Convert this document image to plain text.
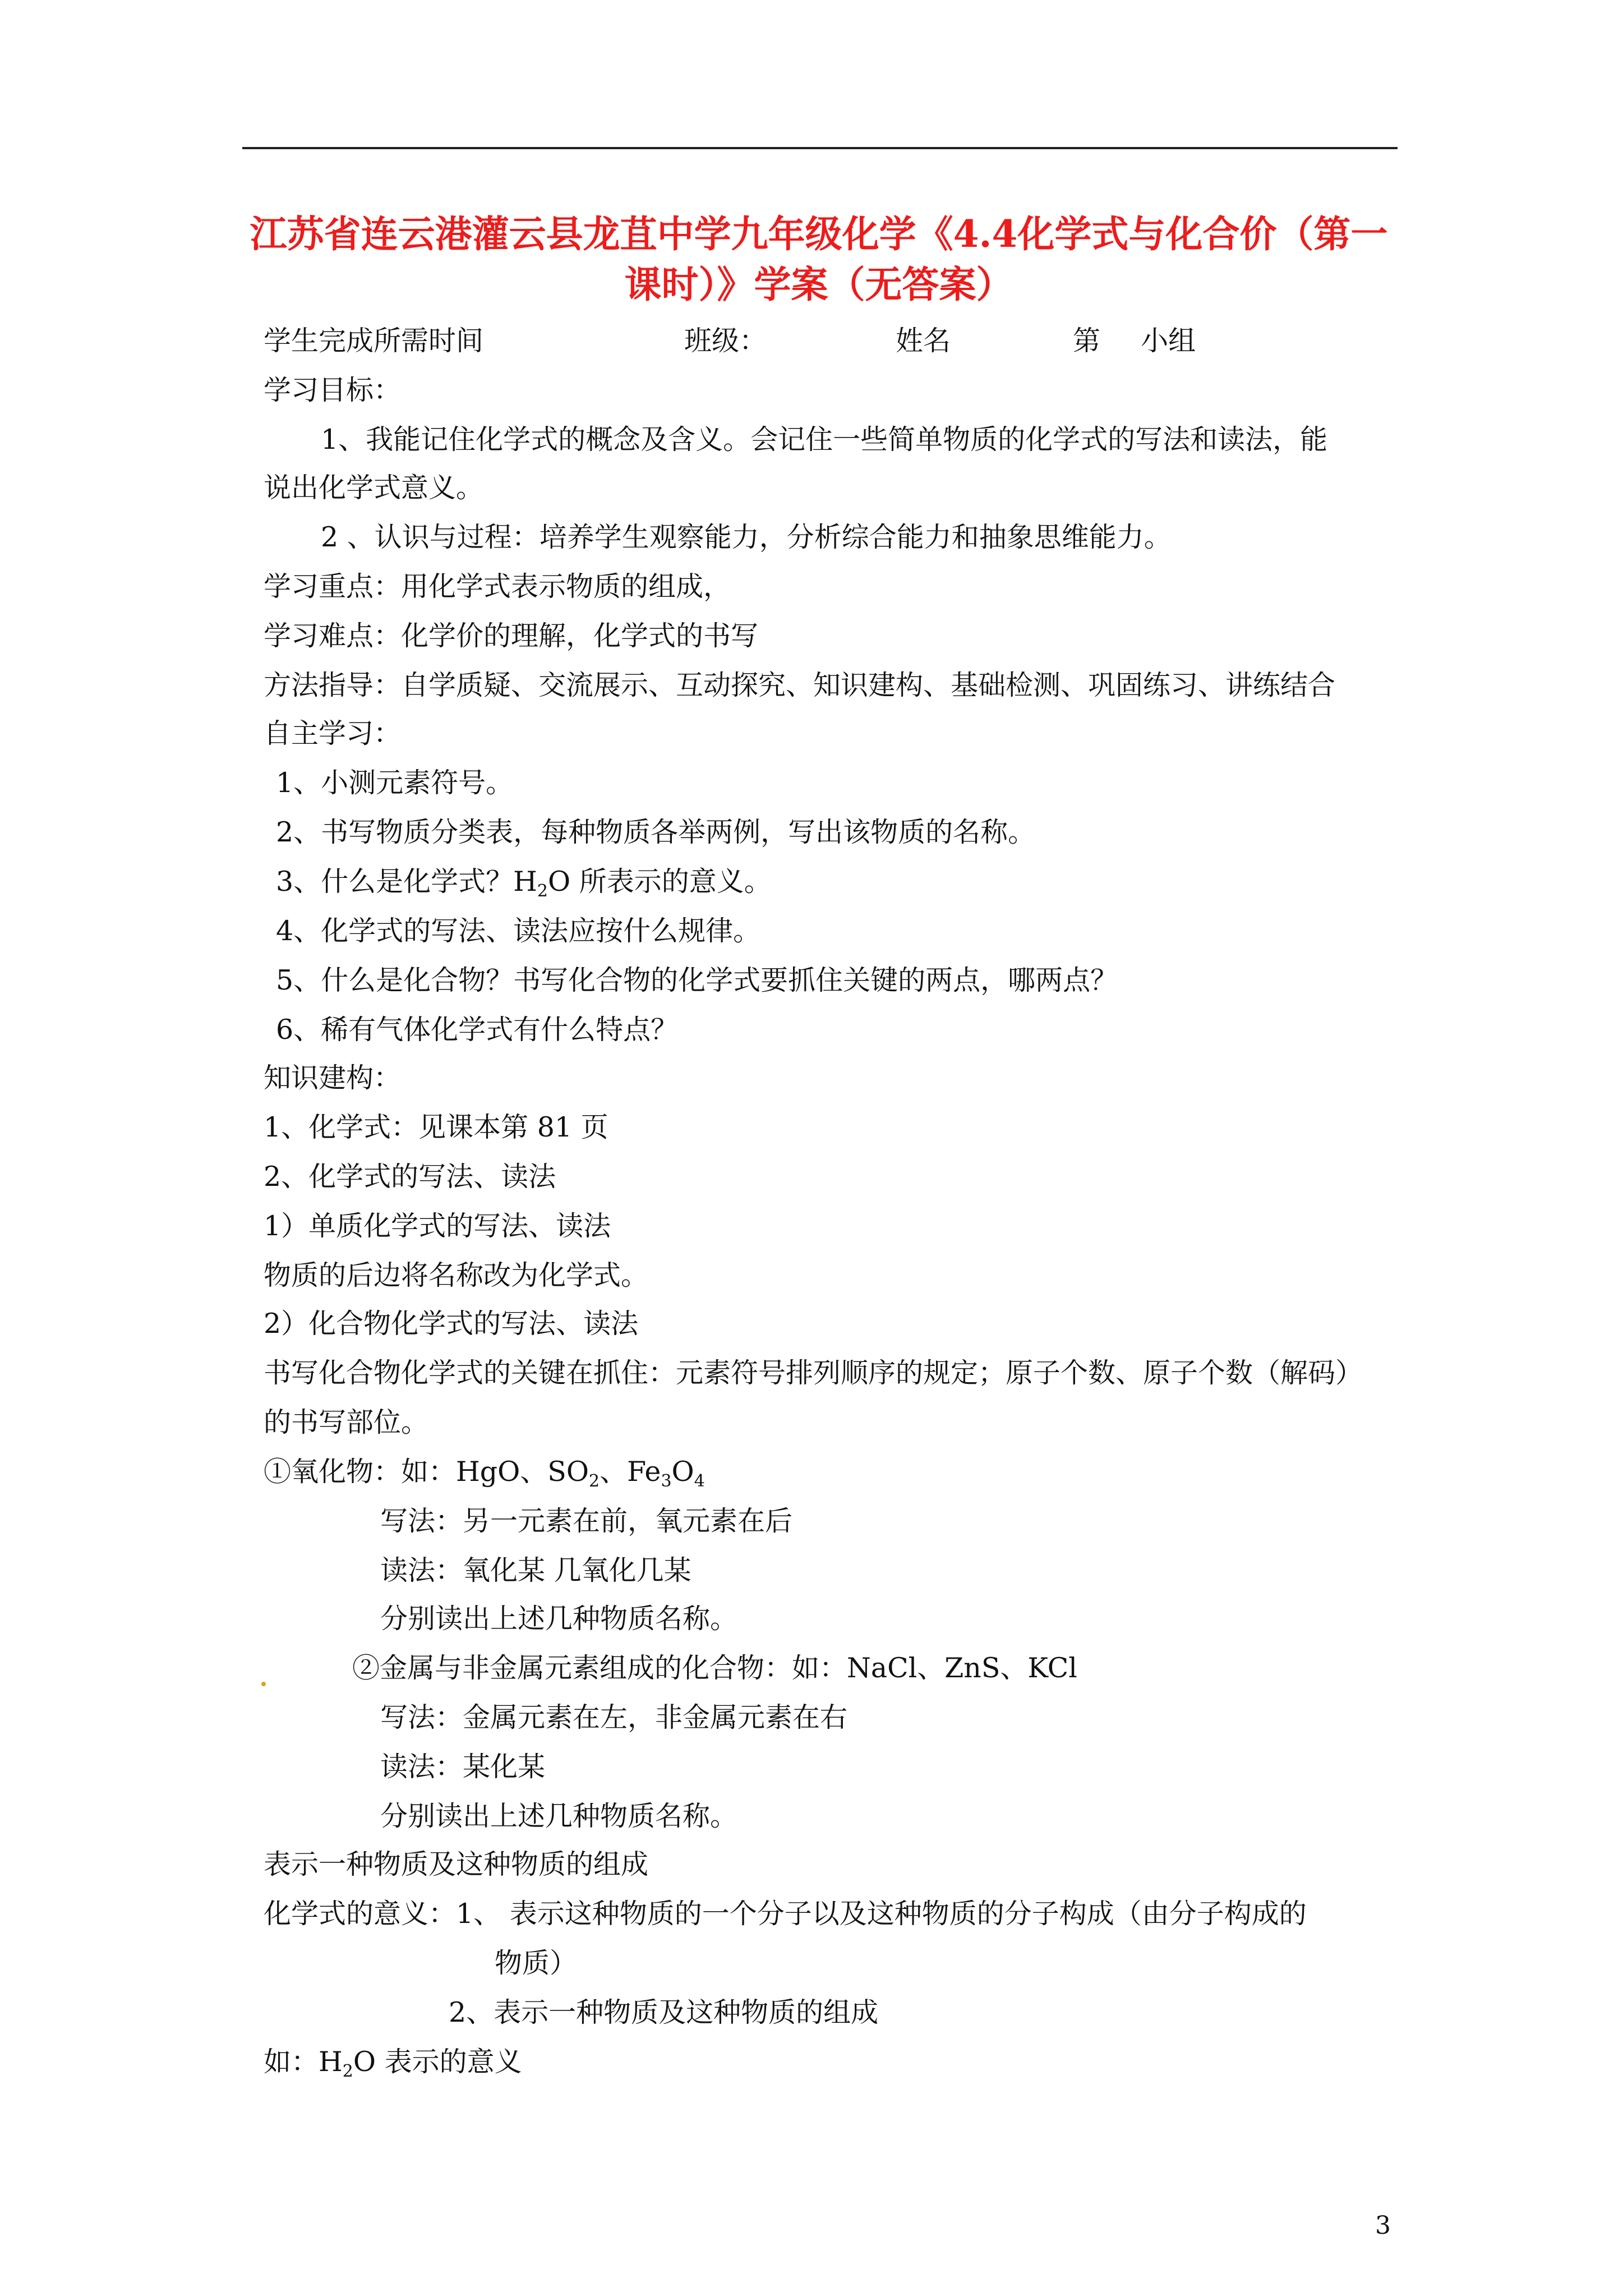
江苏省连云港灌云县龙苴中学九年级化学《4.4化学式与化合价（第一课时）》学案（无答案）
学生完成所需时间	班级：	姓名	第 小组
学习目标：
1、我能记住化学式的概念及含义。会记住一些简单物质的化学式的写法和读法，能
说出化学式意义。
2 、认识与过程：培养学生观察能力，分析综合能力和抽象思维能力。
学习重点：用化学式表示物质的组成，
学习难点：化学价的理解，化学式的书写
方法指导：自学质疑、交流展示、互动探究、知识建构、基础检测、巩固练习、讲练结合
自主学习：
1、小测元素符号。
2、书写物质分类表，每种物质各举两例，写出该物质的名称。
3、什么是化学式？$H_2O$ 所表示的意义。
4、化学式的写法、读法应按什么规律。
5、什么是化合物？书写化合物的化学式要抓住关键的两点，哪两点？
6、稀有气体化学式有什么特点？
知识建构：
1、化学式：见课本第 81 页
2、化学式的写法、读法
1）单质化学式的写法、读法
物质的后边将名称改为化学式。
2）化合物化学式的写法、读法
书写化合物化学式的关键在抓住：元素符号排列顺序的规定；原子个数、原子个数（解码）
的书写部位。
①氧化物：如：HgO、$SO_2$、$Fe_3O_4$
写法：另一元素在前，氧元素在后
读法：氧化某 几氧化几某
分别读出上述几种物质名称。
②金属与非金属元素组成的化合物：如：NaCl、ZnS、KCl
写法：金属元素在左，非金属元素在右
读法：某化某
分别读出上述几种物质名称。
表示一种物质及这种物质的组成
化学式的意义：1、 表示这种物质的一个分子以及这种物质的分子构成（由分子构成的
物质）
2、表示一种物质及这种物质的组成
如：$H_2O$ 表示的意义
3
